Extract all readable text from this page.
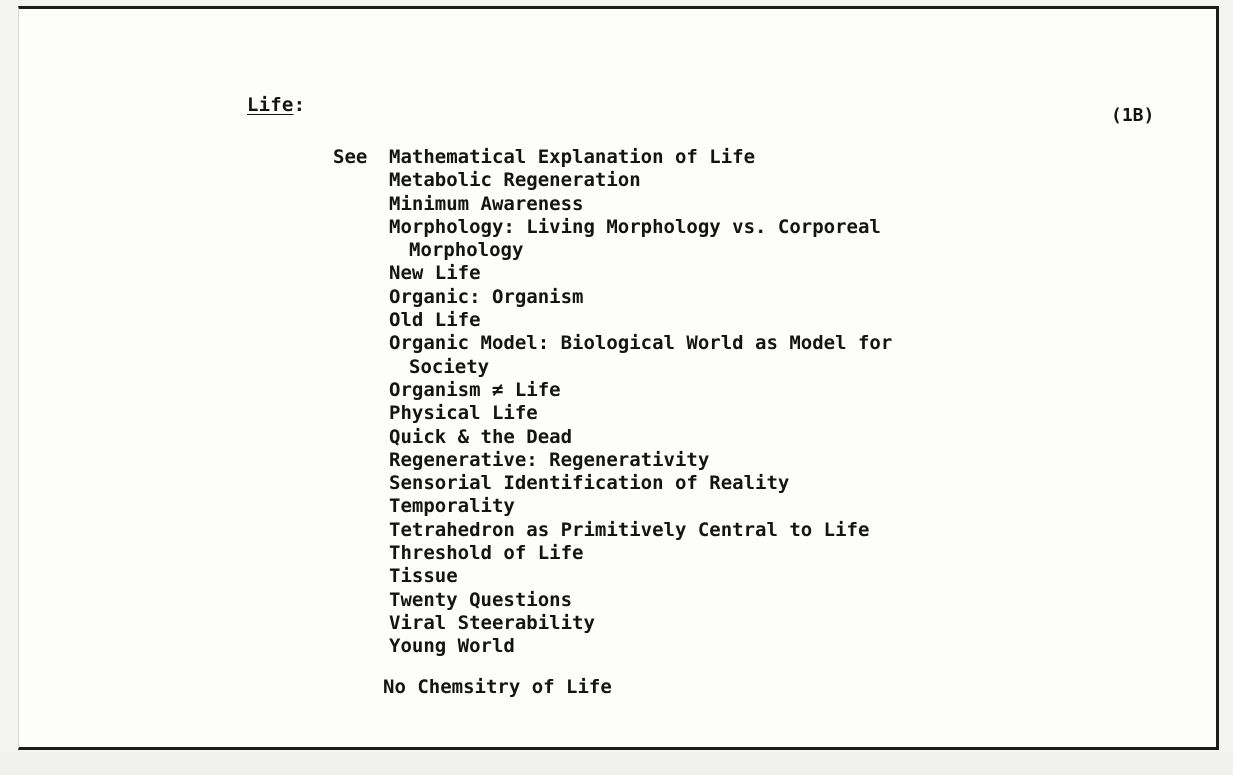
Life:	(1B)
See Mathematical Explanation of Life
Metabolic Regeneration
Minimum Awareness
Morphology: Living Morphology vs. Corporeal
Morphology
New Life
Organic: Organism
Old Life
Organic Model: Biological World as Model for
Society
Organism ≠ Life
Physical Life
Quick & the Dead
Regenerative: Regenerativity
Sensorial Identification of Reality
Temporality
Tetrahedron as Primitively Central to Life
Threshold of Life
Tissue
Twenty Questions
Viral Steerability
Young World
No Chemsitry of Life
